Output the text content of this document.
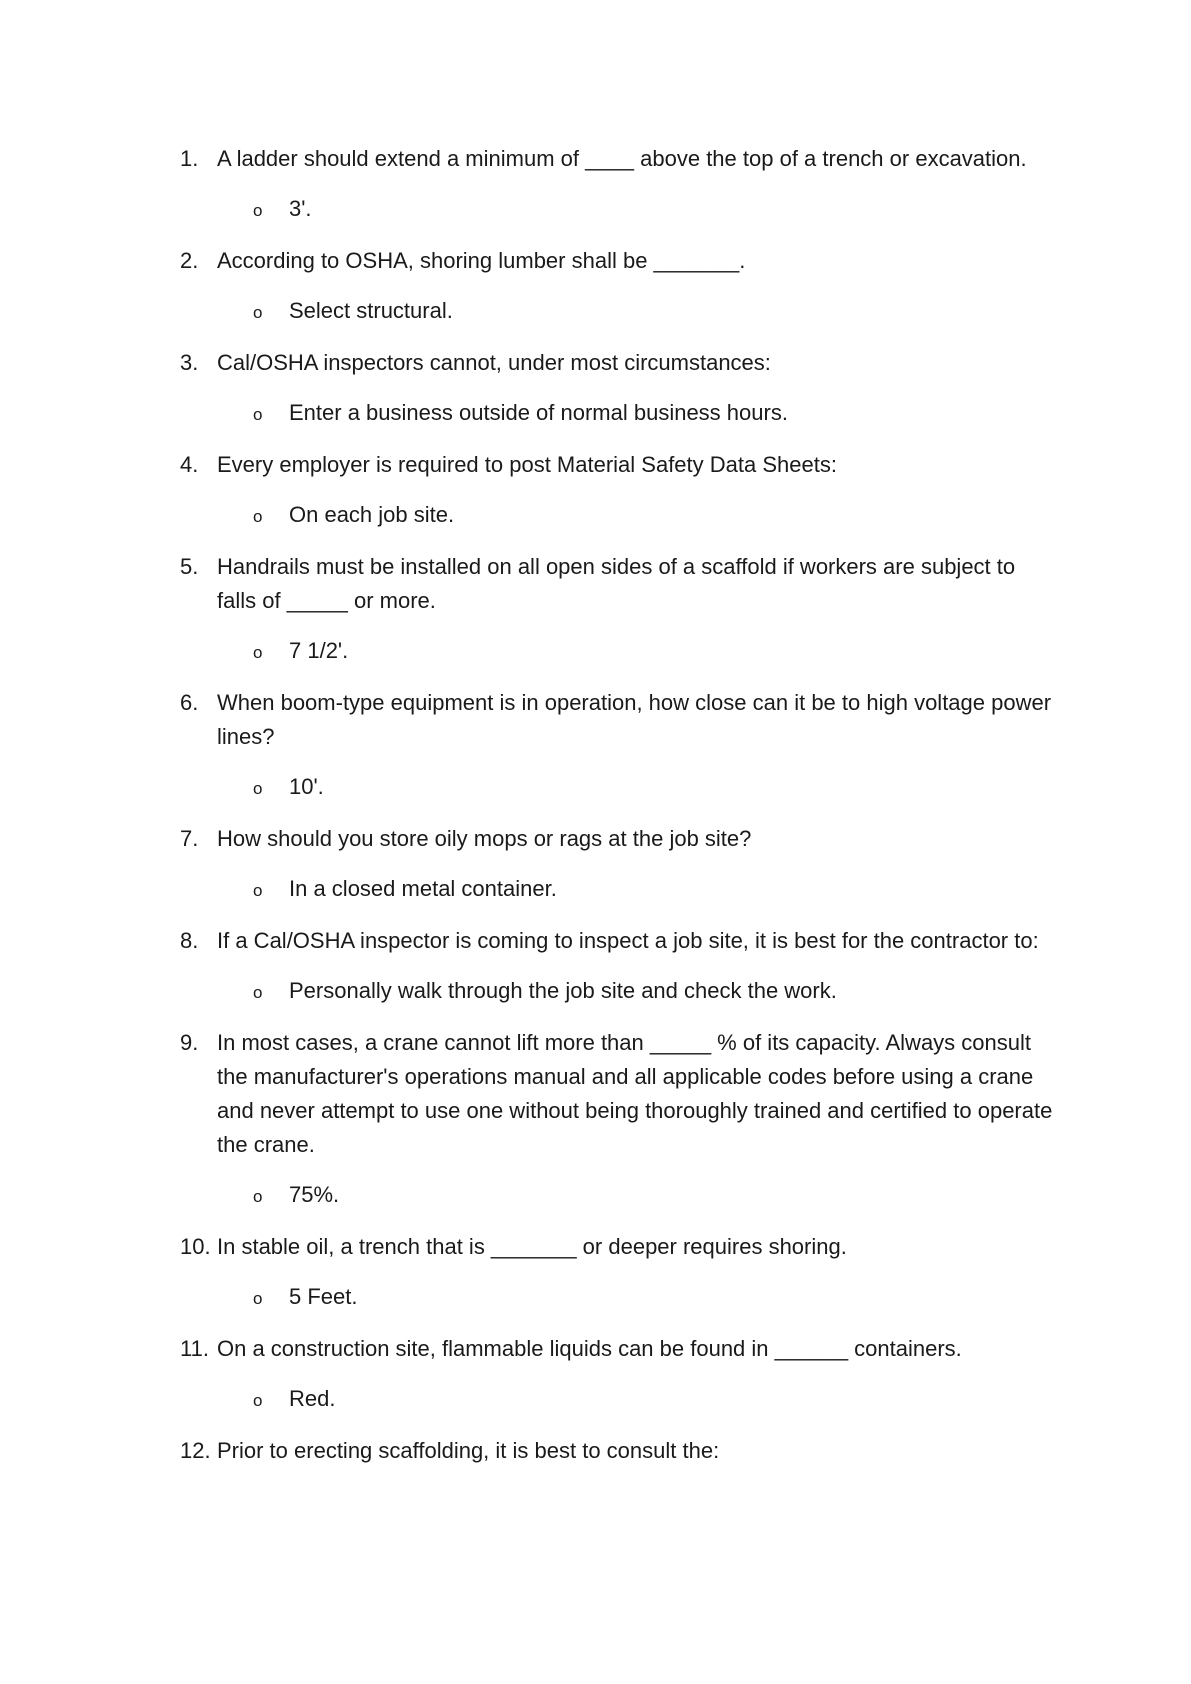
1. A ladder should extend a minimum of ____ above the top of a trench or excavation.
o	3'.
2. According to OSHA, shoring lumber shall be _______.
o	Select structural.
3. Cal/OSHA inspectors cannot, under most circumstances:
o	Enter a business outside of normal business hours.
4. Every employer is required to post Material Safety Data Sheets:
o	On each job site.
5. Handrails must be installed on all open sides of a scaffold if workers are subject to falls of _____ or more.
o	7 1/2'.
6. When boom-type equipment is in operation, how close can it be to high voltage power lines?
o	10'.
7. How should you store oily mops or rags at the job site?
o	In a closed metal container.
8. If a Cal/OSHA inspector is coming to inspect a job site, it is best for the contractor to:
o	Personally walk through the job site and check the work.
9. In most cases, a crane cannot lift more than _____ % of its capacity. Always consult the manufacturer's operations manual and all applicable codes before using a crane and never attempt to use one without being thoroughly trained and certified to operate the crane.
o	75%.
10. In stable oil, a trench that is _______ or deeper requires shoring.
o	5 Feet.
11. On a construction site, flammable liquids can be found in ______ containers.
o	Red.
12. Prior to erecting scaffolding, it is best to consult the:
